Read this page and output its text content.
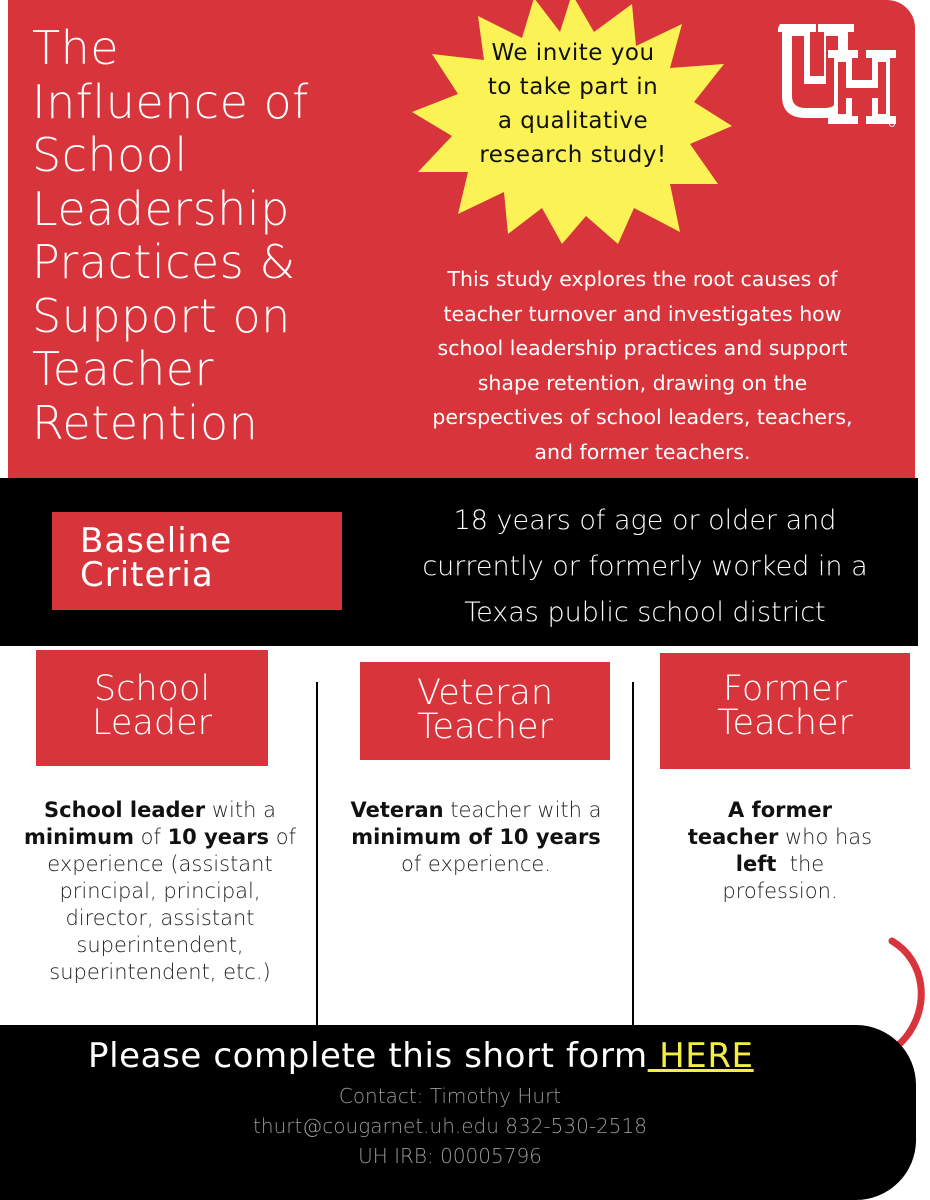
The
Influence of
School
Leadership
Practices &
Support on
Teacher
Retention
We invite you
to take part in
a qualitative
research study!
This study explores the root causes of
teacher turnover and investigates how
school leadership practices and support
shape retention, drawing on the
perspectives of school leaders, teachers,
and former teachers.
Baseline
Criteria
18 years of age or older and
currently or formerly worked in a
Texas public school district
School
Leader
School leader with a
minimum of 10 years of
experience (assistant
principal, principal,
director, assistant
superintendent,
superintendent, etc.)
Veteran
Teacher
Veteran teacher with a
minimum of 10 years
of experience.
Former
Teacher
A former
teacher who has
left  the
profession.
Please complete this short form HERE
Contact: Timothy Hurt
thurt@cougarnet.uh.edu 832-530-2518
UH IRB: 00005796
